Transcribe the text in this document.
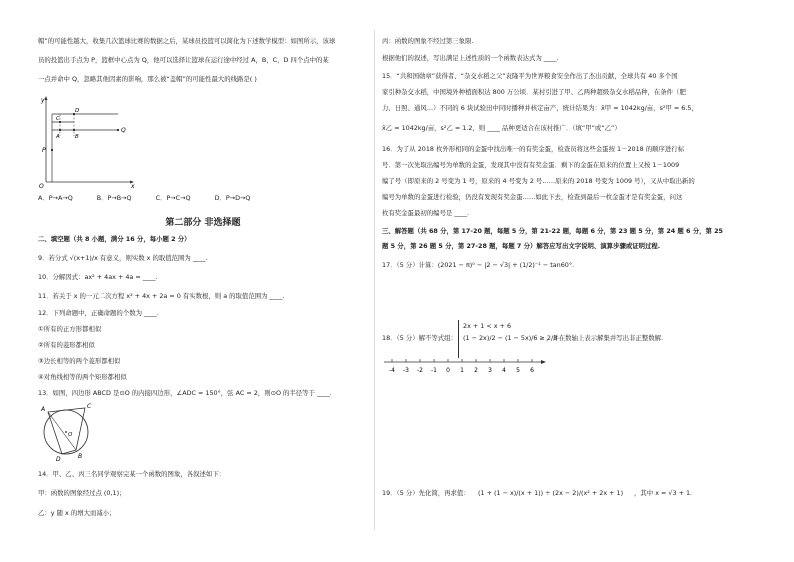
帽”的可能性越大，收集几次篮球比赛的数据之后，某球员投篮可以简化为下述数学模型：如图所示，该球
员的投篮出手点为 P，篮框中心点为 Q，他可以选择让篮球在运行途中经过 A，B，C，D 四个点中的某
一点并命中 Q，忽略其他因素的影响，那么被“盖帽”的可能性最大的线路是( )
y
x
O
P
Q
A	B
C
D
A．P→A→Q	B．P→B→Q	C．P→C→Q	D．P→D→Q
第二部分 非选择题
二、填空题（共 8 小题，满分 16 分，每小题 2 分）
9．若分式 √(x+1)/x 有意义，则实数 x 的取值范围为 ____.
10．分解因式：ax² + 4ax + 4a = ____.
11．若关于 x 的一元二次方程 x² + 4x + 2a = 0 有实数根，则 a 的取值范围为 ____.
12．下列命题中，正确命题的个数为 ____.
①所有的正方形都相似
②所有的菱形都相似
③边长相等的两个菱形都相似
④对角线相等的两个矩形都相似
13．如图，四边形 ABCD 是⊙O 的内接四边形，∠ADC = 150°，弦 AC = 2，则⊙O 的半径等于 ____.
A	C
B
D
O
14．甲、乙、丙三名同学观察完某一个函数的图象，各叙述如下：
甲：函数的图象经过点 (0,1)；
乙：y 随 x 的增大而减小；
丙：函数的图象不经过第三象限.
根据他们的叙述，写出满足上述性质的一个函数表达式为 ____.
15．“共和国勋章”获得者、“杂交水稻之父”袁隆平为世界粮食安全作出了杰出贡献，全球共有 40 多个国
家引种杂交水稻，中国境外种植面积达 800 万公顷．某村引进了甲、乙两种超级杂交水稻品种，在条件（肥
力、日照、通风…）不同的 6 块试验田中同时播种并核定亩产，统计结果为：x̄甲 = 1042kg/亩，s²甲 = 6.5，
x̄乙 = 1042kg/亩，s²乙 = 1.2，则 ____ 品种更适合在该村推广．（填“甲”或“乙”）
16．为了从 2018 枚外形相同的金蛋中找出唯一的有奖金蛋，检查员将这些金蛋按 1－2018 的顺序进行标
号．第一次先取出编号为单数的金蛋，发现其中没有有奖金蛋．剩下的金蛋在原来的位置上又按 1－1009
编了号（即原来的 2 号变为 1 号，原来的 4 号变为 2 号……原来的 2018 号变为 1009 号），又从中取出新的
编号为单数的金蛋进行检验，仍没有发现有奖金蛋……如此下去，检查到最后一枚金蛋才是有奖金蛋，问这
枚有奖金蛋最初的编号是 ____.
三、解答题（共 68 分，第 17-20 题，每题 5 分，第 21-22 题，每题 6 分，第 23 题 5 分，第 24 题 6 分，第 25
题 5 分，第 26 题 5 分，第 27-28 题，每题 7 分）解答应写出文字说明、演算步骤或证明过程.
17．（5 分）计算：(2021 − π)⁰ − |2 − √3| + (1/2)⁻¹ − tan60°.
18．（5 分）解不等式组：
2x + 1 < x + 6
(1 − 2x)/2 − (1 − 5x)/6 ≥ 2/3
，并在数轴上表示解集并写出非正整数解.
-4 -3 -2 -1 0 1 2 3 4 5 6
19．（5 分）先化简，再求值： (1 + (1 − x)/(x + 1)) ÷ (2x − 2)/(x² + 2x + 1) ，其中 x = √3 + 1.
